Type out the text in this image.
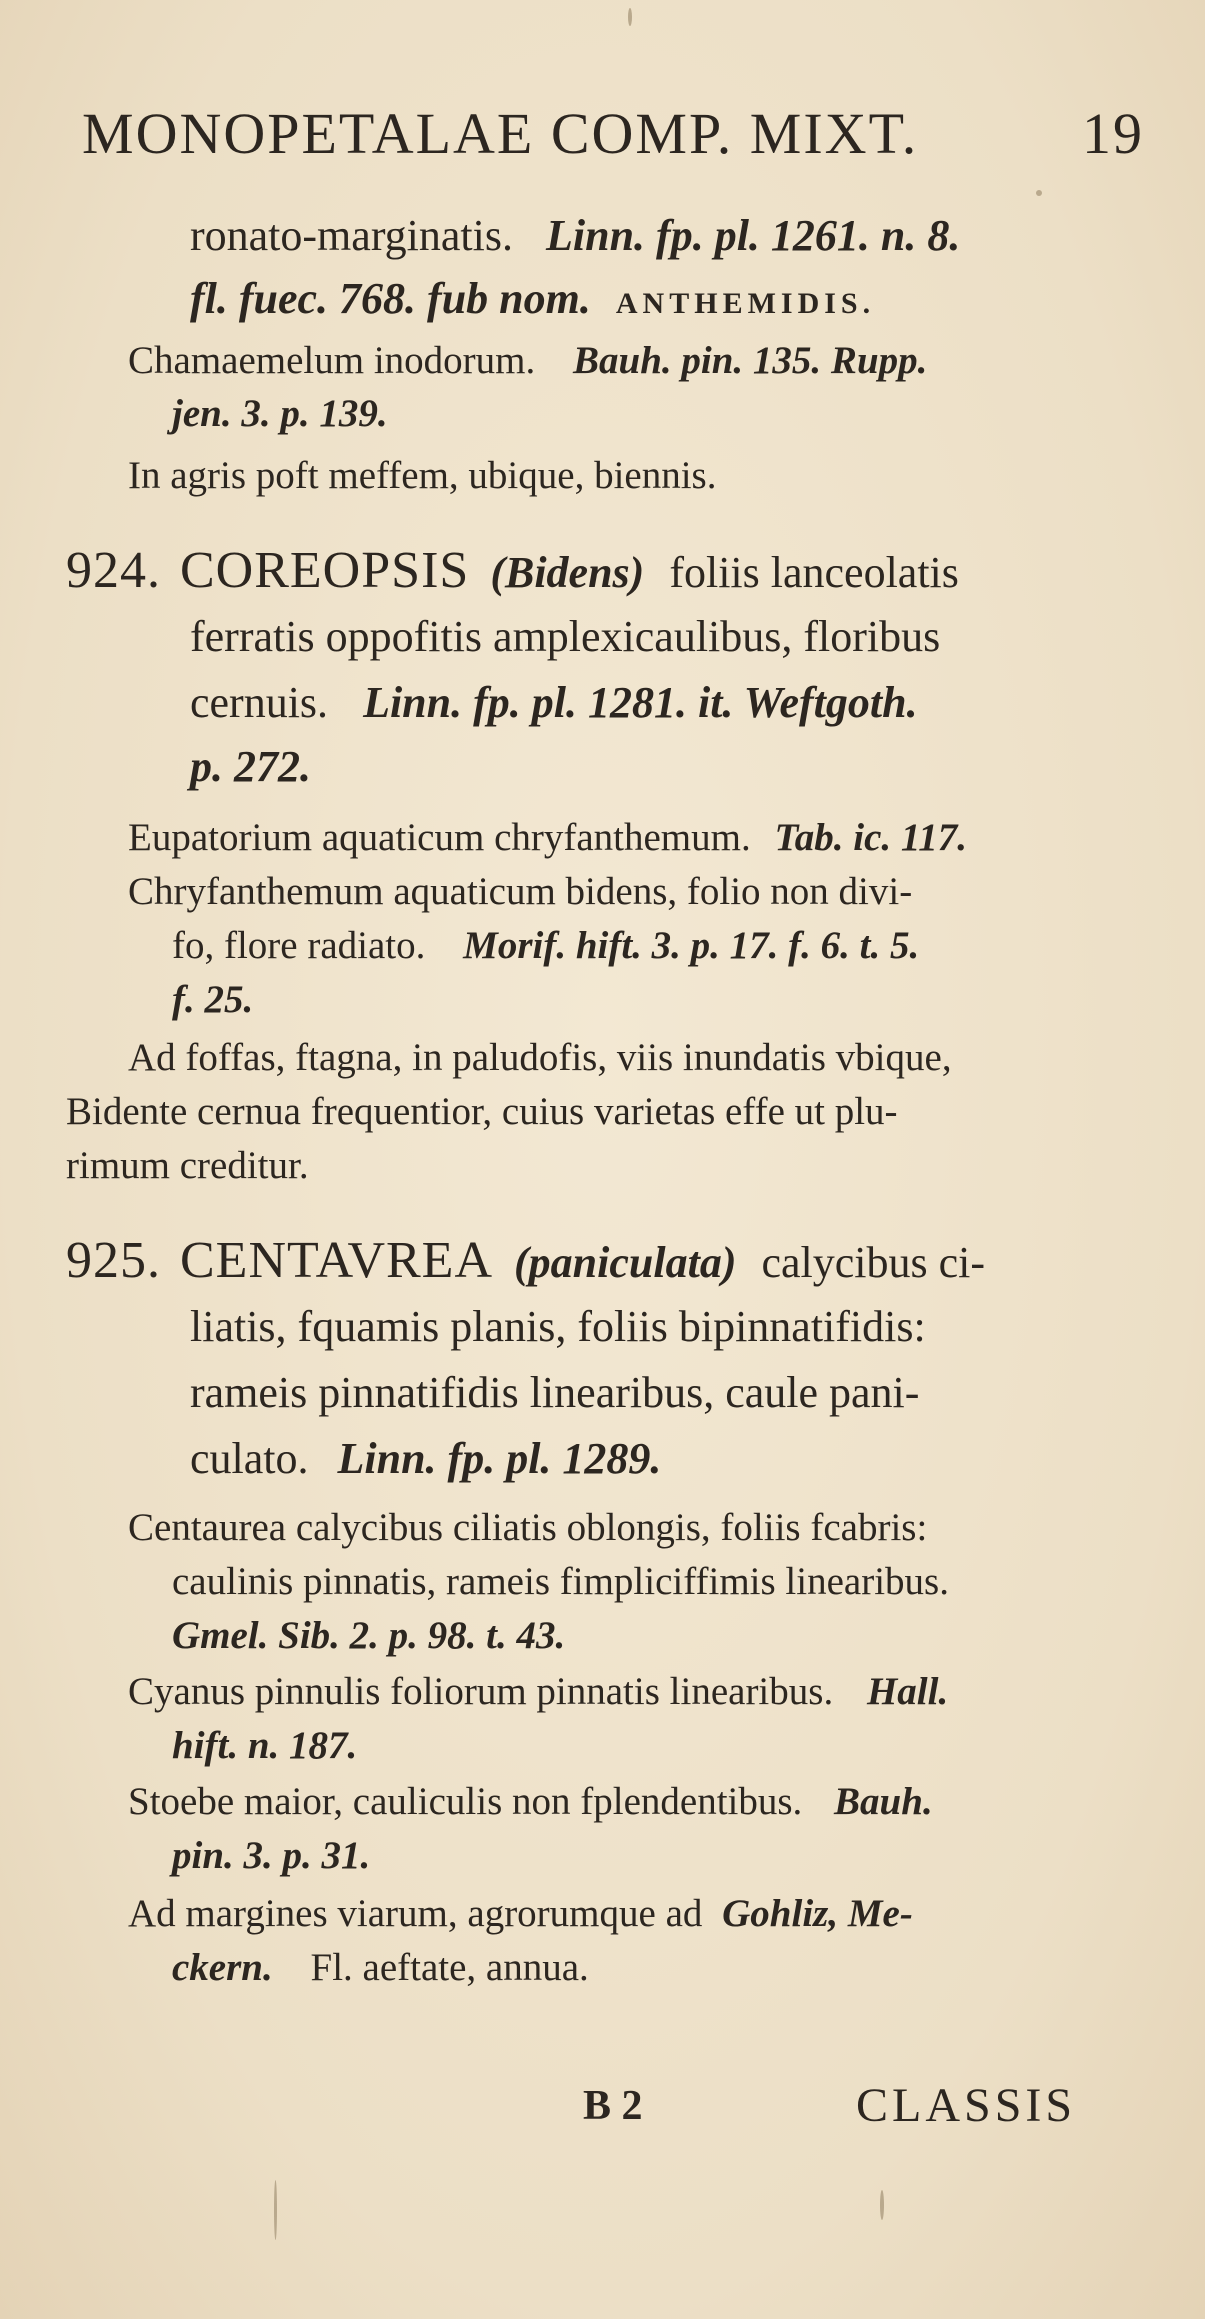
MONOPETALAE COMP. MIXT.	19
ronato-marginatis. Linn. fp. pl. 1261. n. 8.
fl. fuec. 768. fub nom. ANTHEMIDIS.
Chamaemelum inodorum. Bauh. pin. 135. Rupp.
jen. 3. p. 139.
In agris poft meffem, ubique, biennis.
924. COREOPSIS (Bidens) foliis lanceolatis
ferratis oppofitis amplexicaulibus, floribus
cernuis. Linn. fp. pl. 1281. it. Weftgoth.
p. 272.
Eupatorium aquaticum chryfanthemum. Tab. ic. 117.
Chryfanthemum aquaticum bidens, folio non divi-
fo, flore radiato. Morif. hift. 3. p. 17. f. 6. t. 5.
f. 25.
Ad foffas, ftagna, in paludofis, viis inundatis vbique,
Bidente cernua frequentior, cuius varietas effe ut plu-
rimum creditur.
925. CENTAVREA (paniculata) calycibus ci-
liatis, fquamis planis, foliis bipinnatifidis:
rameis pinnatifidis linearibus, caule pani-
culato. Linn. fp. pl. 1289.
Centaurea calycibus ciliatis oblongis, foliis fcabris:
caulinis pinnatis, rameis fimpliciffimis linearibus.
Gmel. Sib. 2. p. 98. t. 43.
Cyanus pinnulis foliorum pinnatis linearibus. Hall.
hift. n. 187.
Stoebe maior, cauliculis non fplendentibus. Bauh.
pin. 3. p. 31.
Ad margines viarum, agrorumque ad Gohliz, Me-
ckern. Fl. aeftate, annua.
B 2	CLASSIS
